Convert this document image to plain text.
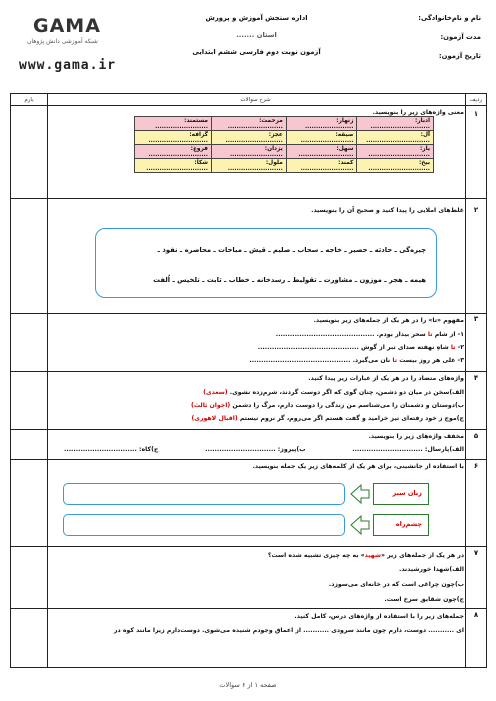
GAMA
شبکه آموزشی دانش پژوهان
www.gama.ir
اداره سنجش آموزش و پرورش
استان .......
آزمون نوبت دوم فارسی ششم ابتدایی
نام و نام‌خانوادگی:
مدت آزمون:
تاریخ آزمون:
ردیف
شرح سوالات
بارم
۱
معنی واژه‌های زیر را بنویسید.
مستمند: ........................	مرحمت: .........................	زنهار: ......................	ادبار: ...........................
گزافه: ...........................	عجز: ..........................	صیقه: ........................	آل: .............................
فروغ: ...........................	یزدان: ........................	سهل: .........................	یار: ............................
شکاً: ............................	ملول: .........................	کمند: ........................	بیخ: ............................
۲
غلط‌های املایی را پیدا کنید و صحیح آن را بنویسید.
چیره‌گی ـ حادثه ـ حصیر ـ خاجه ـ سحاب ـ صلیم ـ قیش ـ مباحات ـ محاصره ـ نفوذ ـ
هیمه ـ هجر ـ موزون ـ مشاورت ـ تقولیط ـ رسدخانه ـ خطاب ـ ثابت ـ تلخیس ـ اُلفت
۳
مفهوم «تا» را در هر یک از جمله‌های زیر بنویسید.
۱- از شام تا سحر بیدار بودم. ..........................................
۲- تا شاهِ نهفته صدای تبر از گوش ...........................................
۳- علی هر روز بیست تا نان می‌گیرد. ...........................................
۴
واژه‌های متضاد را در هر یک از عبارات زیر پیدا کنید.
الف)سخن در میان دو دشمن، چنان گوی که اگر دوست گردند، شرم‌زده نشوی. (سعدی)
ب)دوستان و دشمنان را می‌شناسم من زندگی را دوست دارم، مرگ را دشمن (اخوان ثالث)
ج)موج ز خود رفته‌ای تیز خرامید و گفت هستم اگر می‌روم، گر نروم نیستم (اقبال لاهوری)
۵
مخفف واژه‌های زیر را بنویسید.
الف)پارسال: ..............................
ب)پیروز: ..............................
ج)کاه: ...............................
۶
با استفاده از جانشینی، برای هر یک از کلمه‌های زیر یک جمله بنویسید.
زبان سبز
چشم‌راه
۷
در هر یک از جمله‌های زیر «شهید» به چه چیزی تشبیه شده است؟
الف)شهدا خورشیدند.
ب)چون چراغی است که در خانه‌ای می‌سوزد.
ج)چون شقایق سرخ است.
۸
جمله‌های زیر را با استفاده از واژه‌های درس، کامل کنید.
ای ........... دوست، دارم چون مانند سرودی ........... از اعماق وجودم شنیده می‌شوی. دوست‌دارم زیرا مانند کوه در
صفحه ۱ از ۶ سوالات
